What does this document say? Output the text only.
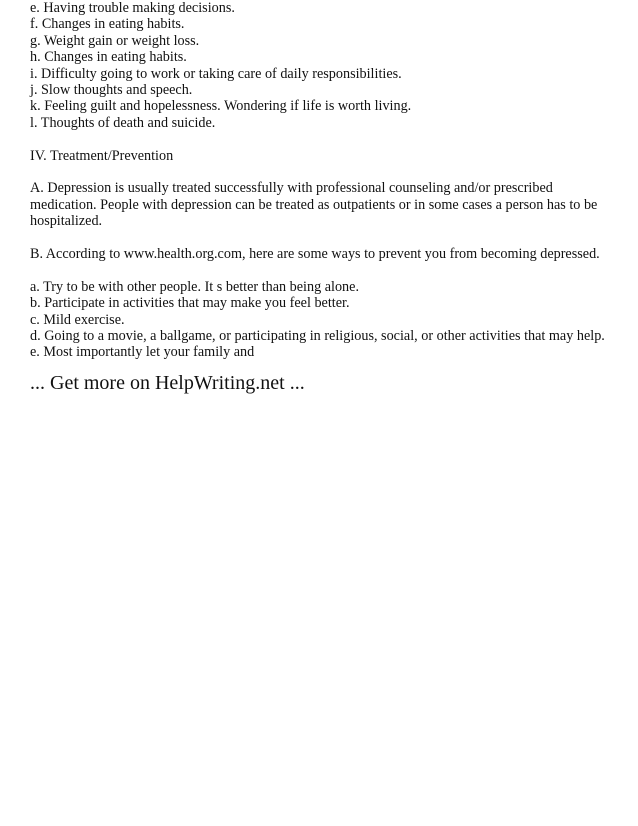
e. Having trouble making decisions.
f. Changes in eating habits.
g. Weight gain or weight loss.
h. Changes in eating habits.
i. Difficulty going to work or taking care of daily responsibilities.
j. Slow thoughts and speech.
k. Feeling guilt and hopelessness. Wondering if life is worth living.
l. Thoughts of death and suicide.
IV. Treatment/Prevention
A. Depression is usually treated successfully with professional counseling and/or prescribed medication. People with depression can be treated as outpatients or in some cases a person has to be hospitalized.
B. According to www.health.org.com, here are some ways to prevent you from becoming depressed.
a. Try to be with other people. It s better than being alone.
b. Participate in activities that may make you feel better.
c. Mild exercise.
d. Going to a movie, a ballgame, or participating in religious, social, or other activities that may help.
e. Most importantly let your family and
... Get more on HelpWriting.net ...
